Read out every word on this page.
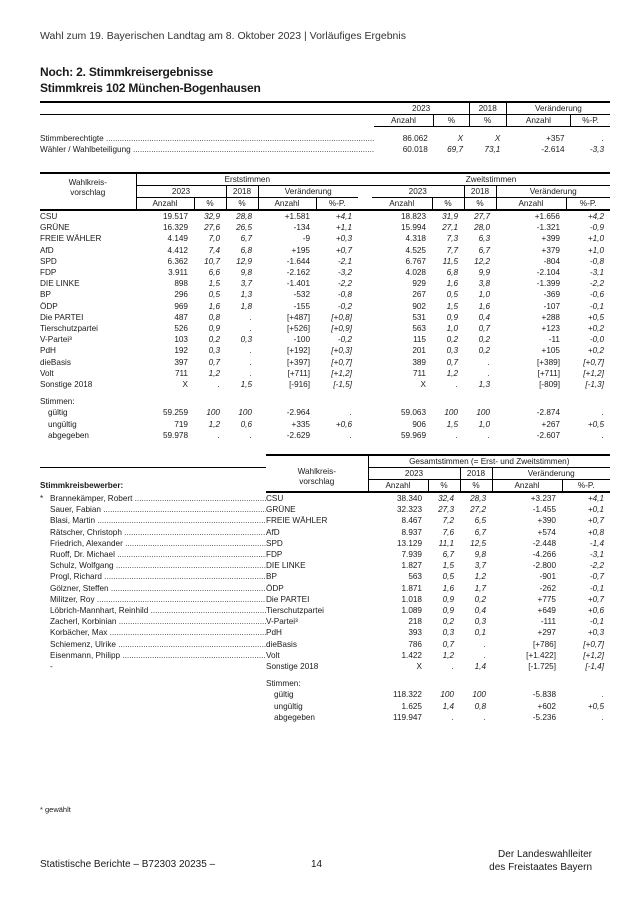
Wahl zum 19. Bayerischen Landtag am 8. Oktober 2023 | Vorläufiges Ergebnis
Noch: 2. Stimmkreisergebnisse
Stimmkreis 102 München-Bogenhausen
	2023		2018	Veränderung	
	Anzahl	%	%	Anzahl	%-P.

Stimmberechtigte .....	86.062	X	X	+357	.
Wähler / Wahlbeteiligung .....	60.018	69,7	73,1	-2.614	-3,3
Wahlkreis-
vorschlag	Erststimmen						Zweitstimmen				
	2023		2018	Veränderung			2023		2018	Veränderung	
	Anzahl	%	%	Anzahl	%-P.		Anzahl	%	%	Anzahl	%-P.
CSU	19.517	32,9	28,8	+1.581	+4,1		18.823	31,9	27,7	+1.656	+4,2
GRÜNE	16.329	27,6	26,5	-134	+1,1		15.994	27,1	28,0	-1.321	-0,9
FREIE WÄHLER	4.149	7,0	6,7	-9	+0,3		4.318	7,3	6,3	+399	+1,0
AfD	4.412	7,4	6,8	+195	+0,7		4.525	7,7	6,7	+379	+1,0
SPD	6.362	10,7	12,9	-1.644	-2,1		6.767	11,5	12,2	-804	-0,8
FDP	3.911	6,6	9,8	-2.162	-3,2		4.028	6,8	9,9	-2.104	-3,1
DIE LINKE	898	1,5	3,7	-1.401	-2,2		929	1,6	3,8	-1.399	-2,2
BP	296	0,5	1,3	-532	-0,8		267	0,5	1,0	-369	-0,6
ÖDP	969	1,6	1,8	-155	-0,2		902	1,5	1,6	-107	-0,1
Die PARTEI	487	0,8	.	[+487]	[+0,8]		531	0,9	0,4	+288	+0,5
Tierschutzpartei	526	0,9	.	[+526]	[+0,9]		563	1,0	0,7	+123	+0,2
V-Partei³	103	0,2	0,3	-100	-0,2		115	0,2	0,2	-11	-0,0
PdH	192	0,3	.	[+192]	[+0,3]		201	0,3	0,2	+105	+0,2
dieBasis	397	0,7	.	[+397]	[+0,7]		389	0,7	.	[+389]	[+0,7]
Volt	711	1,2	.	[+711]	[+1,2]		711	1,2	.	[+711]	[+1,2]
Sonstige 2018	X	.	1,5	[-916]	[-1,5]		X	.	1,3	[-809]	[-1,3]

Stimmen:											
gültig	59.259	100	100	-2.964	.		59.063	100	100	-2.874	.
ungültig	719	1,2	0,6	+335	+0,6		906	1,5	1,0	+267	+0,5
abgegeben	59.978	.	.	-2.629	.		59.969	.	.	-2.607	.

		Wahlkreis-
vorschlag	Gesamtstimmen (= Erst- und Zweitstimmen)				
			2023		2018	Veränderung	
Stimmkreisbewerber:			Anzahl	%	%	Anzahl	%-P.
*	Brannekämper, Robert .....	CSU	38.340	32,4	28,3	+3.237	+4,1
	Sauer, Fabian .....	GRÜNE	32.323	27,3	27,2	-1.455	+0,1
	Blasi, Martin .....	FREIE WÄHLER	8.467	7,2	6,5	+390	+0,7
	Rätscher, Christoph .....	AfD	8.937	7,6	6,7	+574	+0,8
	Friedrich, Alexander .....	SPD	13.129	11,1	12,5	-2.448	-1,4
	Ruoff, Dr. Michael .....	FDP	7.939	6,7	9,8	-4.266	-3,1
	Schulz, Wolfgang .....	DIE LINKE	1.827	1,5	3,7	-2.800	-2,2
	Progl, Richard .....	BP	563	0,5	1,2	-901	-0,7
	Gölzner, Steffen .....	ÖDP	1.871	1,6	1,7	-262	-0,1
	Militzer, Roy .....	Die PARTEI	1.018	0,9	0,2	+775	+0,7
	Löbrich-Mannhart, Reinhild .....	Tierschutzpartei	1.089	0,9	0,4	+649	+0,6
	Zacherl, Korbinian .....	V-Partei³	218	0,2	0,3	-111	-0,1
	Korbächer, Max .....	PdH	393	0,3	0,1	+297	+0,3
	Schiemenz, Ulrike .....	dieBasis	786	0,7	.	[+786]	[+0,7]
	Eisenmann, Philipp .....	Volt	1.422	1,2	.	[+1.422]	[+1,2]
	-	Sonstige 2018	X	.	1,4	[-1.725]	[-1,4]

		Stimmen:					
		gültig	118.322	100	100	-5.838	.
		ungültig	1.625	1,4	0,8	+602	+0,5
		abgegeben	119.947	.	.	-5.236	.
* gewählt
Statistische Berichte – B72303 20235 –	14
Der Landeswahlleiter
des Freistaates Bayern
